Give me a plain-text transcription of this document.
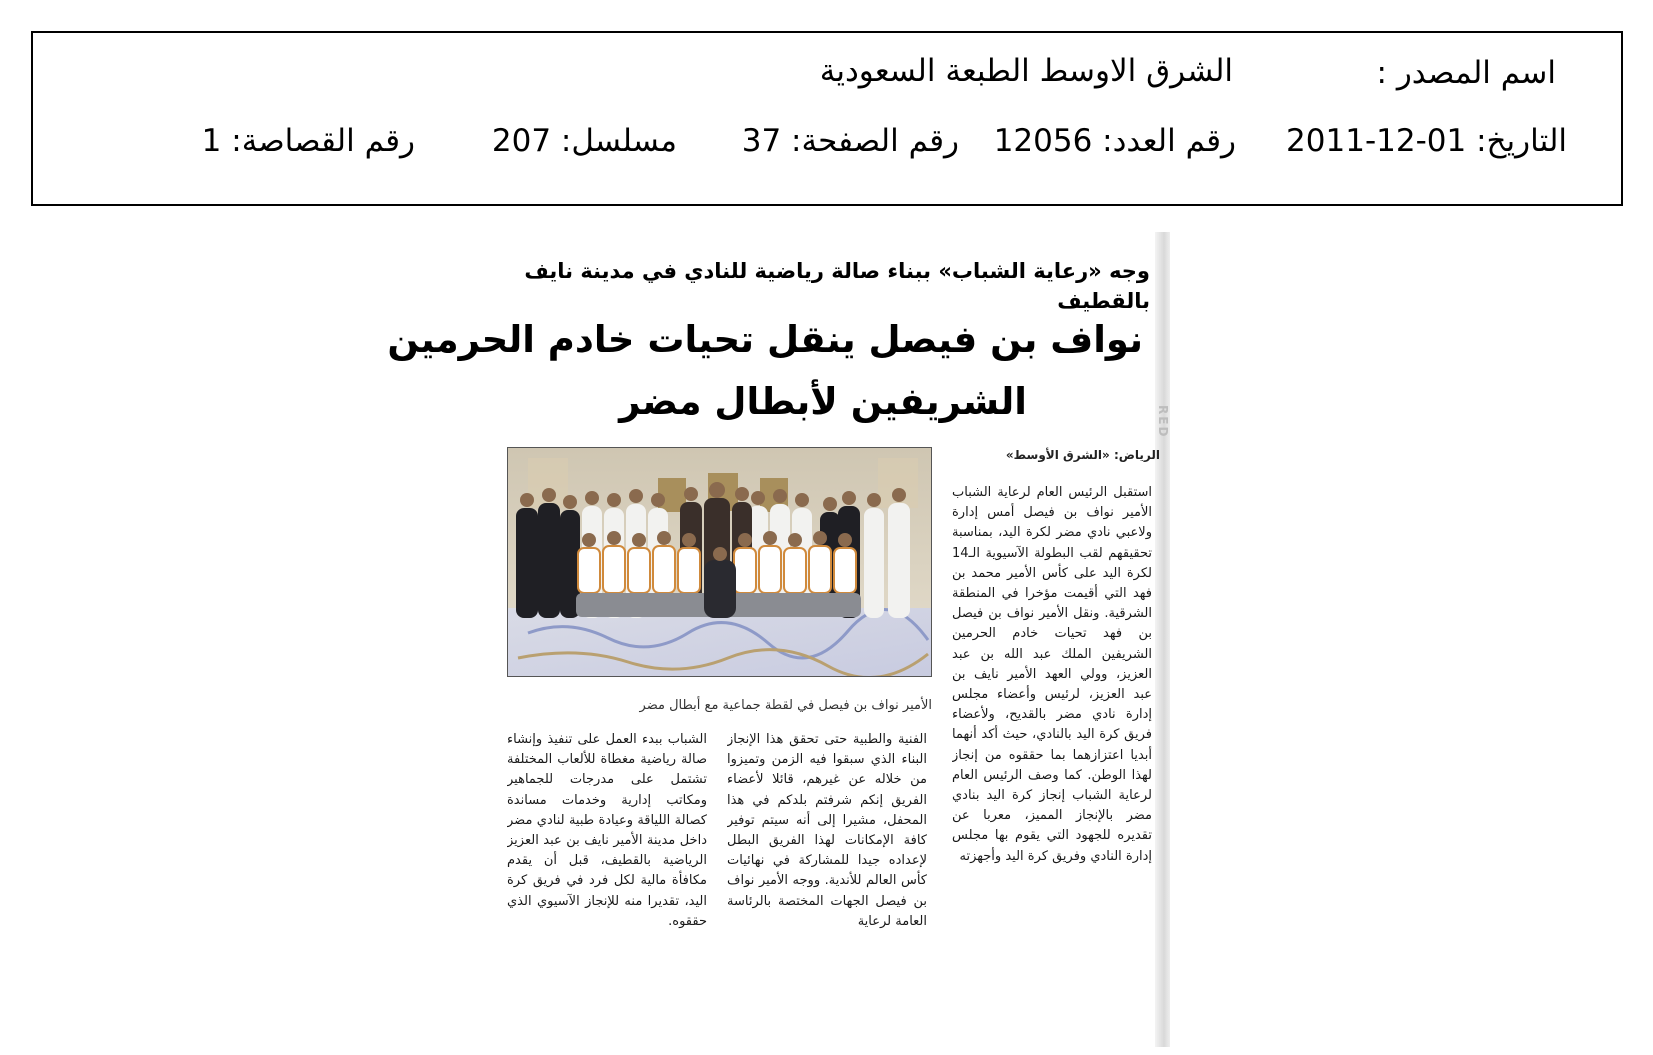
اسم المصدر :
الشرق الاوسط الطبعة السعودية
التاريخ: 01-12-2011
رقم العدد: 12056
رقم الصفحة: 37
مسلسل: 207
رقم القصاصة: 1
RED
وجه «رعاية الشباب» ببناء صالة رياضية للنادي في مدينة نايف بالقطيف
نواف بن فيصل ينقل تحيات خادم الحرمين
الشريفين لأبطال مضر
الرياض: «الشرق الأوسط»
الأمير نواف بن فيصل في لقطة جماعية مع أبطال مضر
استقبل الرئيس العام لرعاية الشباب الأمير نواف بن فيصل أمس إدارة ولاعبي نادي مضر لكرة اليد، بمناسبة تحقيقهم لقب البطولة الآسيوية الـ14 لكرة اليد على كأس الأمير محمد بن فهد التي أقيمت مؤخرا في المنطقة الشرقية. ونقل الأمير نواف بن فيصل بن فهد تحيات خادم الحرمين الشريفين الملك عبد الله بن عبد العزيز، وولي العهد الأمير نايف بن عبد العزيز، لرئيس وأعضاء مجلس إدارة نادي مضر بالقديح، ولأعضاء فريق كرة اليد بالنادي، حيث أكد أنهما أبديا اعتزازهما بما حققوه من إنجاز لهذا الوطن. كما وصف الرئيس العام لرعاية الشباب إنجاز كرة اليد بنادي مضر بالإنجاز المميز، معربا عن تقديره للجهود التي يقوم بها مجلس إدارة النادي وفريق كرة اليد وأجهزته
الفنية والطبية حتى تحقق هذا الإنجاز البناء الذي سبقوا فيه الزمن وتميزوا من خلاله عن غيرهم، قائلا لأعضاء الفريق إنكم شرفتم بلدكم في هذا المحفل، مشيرا إلى أنه سيتم توفير كافة الإمكانات لهذا الفريق البطل لإعداده جيدا للمشاركة في نهائيات كأس العالم للأندية. ووجه الأمير نواف بن فيصل الجهات المختصة بالرئاسة العامة لرعاية
الشباب ببدء العمل على تنفيذ وإنشاء صالة رياضية مغطاة للألعاب المختلفة تشتمل على مدرجات للجماهير ومكاتب إدارية وخدمات مساندة كصالة اللياقة وعيادة طبية لنادي مضر داخل مدينة الأمير نايف بن عبد العزيز الرياضية بالقطيف، قبل أن يقدم مكافأة مالية لكل فرد في فريق كرة اليد، تقديرا منه للإنجاز الآسيوي الذي حققوه.
